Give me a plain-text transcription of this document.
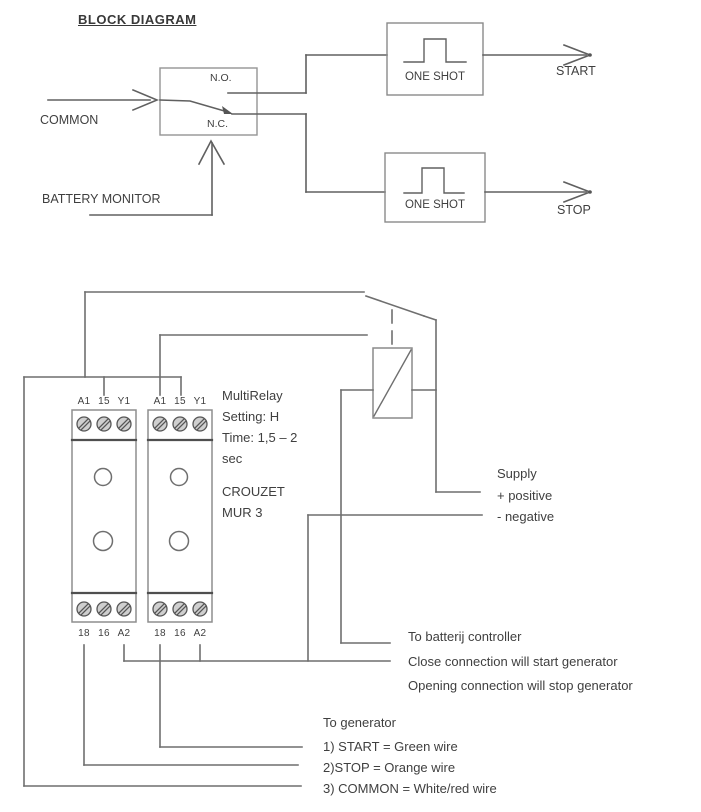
BLOCK DIAGRAM
N.O.
N.C.
COMMON
BATTERY MONITOR
ONE SHOT
ONE SHOT
START
STOP
A1 15 Y1
18 16 A2
A1 15 Y1
18 16 A2
MultiRelay
Setting: H
Time: 1,5 – 2
sec
CROUZET
MUR 3
Supply
+ positive
- negative
To batterij controller
Close connection will start generator
Opening connection will stop generator
To generator
1) START = Green wire
2)STOP = Orange wire
3) COMMON = White/red wire
